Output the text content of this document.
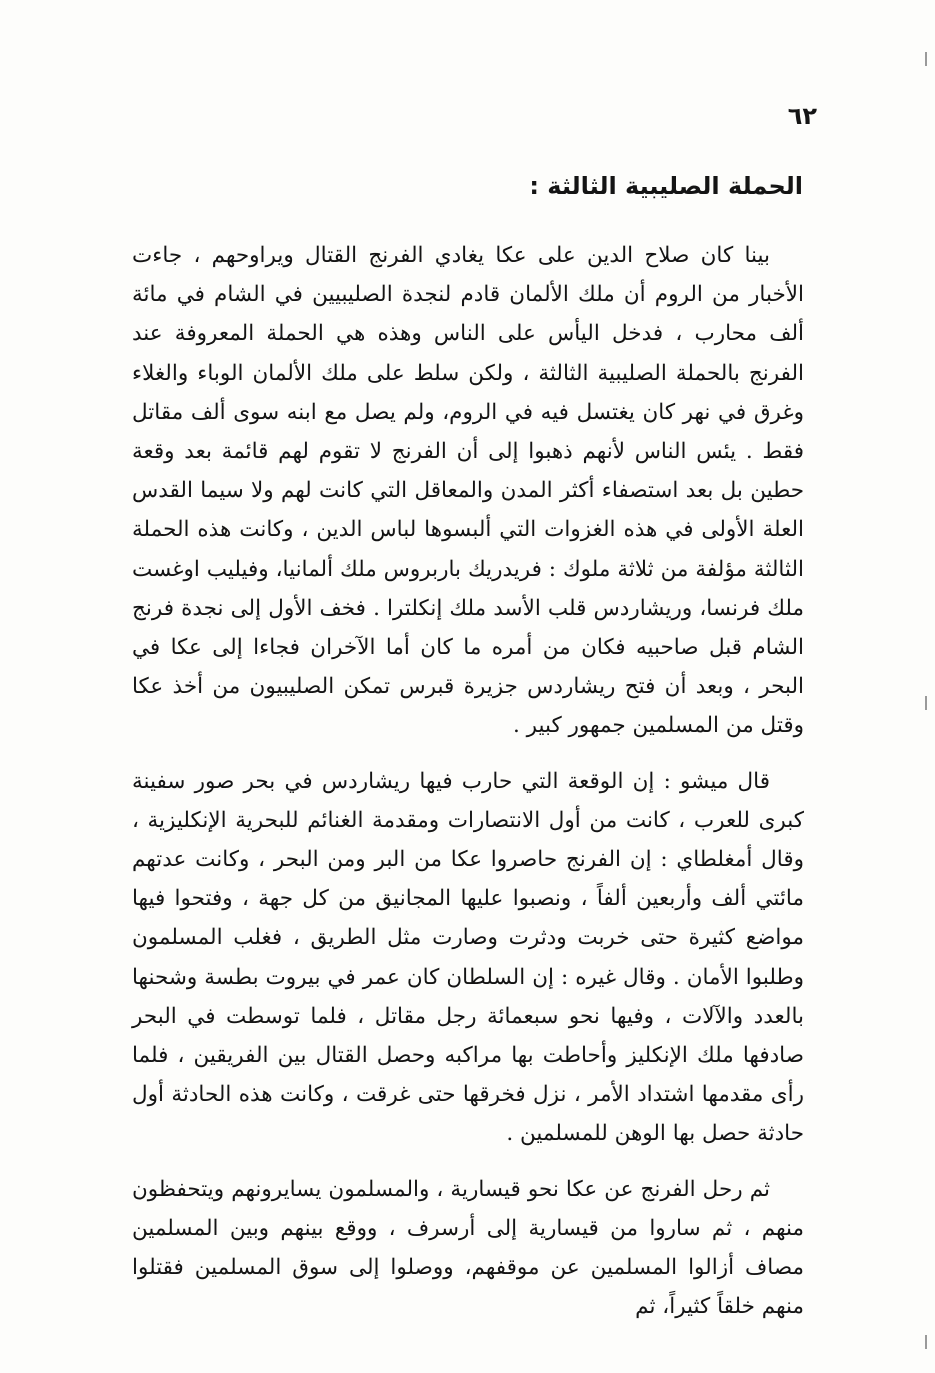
٦٢
الحملة الصليبية الثالثة :

بينا كان صلاح الدين على عكا يغادي الفرنج القتال ويراوحهم ، جاءت الأخبار من الروم أن ملك الألمان قادم لنجدة الصليبيين في الشام في مائة ألف محارب ، فدخل اليأس على الناس وهذه هي الحملة المعروفة عند الفرنج بالحملة الصليبية الثالثة ، ولكن سلط على ملك الألمان الوباء والغلاء وغرق في نهر كان يغتسل فيه في الروم، ولم يصل مع ابنه سوى ألف مقاتل فقط . يئس الناس لأنهم ذهبوا إلى أن الفرنج لا تقوم لهم قائمة بعد وقعة حطين بل بعد استصفاء أكثر المدن والمعاقل التي كانت لهم ولا سيما القدس العلة الأولى في هذه الغزوات التي ألبسوها لباس الدين ، وكانت هذه الحملة الثالثة مؤلفة من ثلاثة ملوك : فريدريك باربروس ملك ألمانيا، وفيليب اوغست ملك فرنسا، وريشاردس قلب الأسد ملك إنكلترا . فخف الأول إلى نجدة فرنج الشام قبل صاحبيه فكان من أمره ما كان أما الآخران فجاءا إلى عكا في البحر ، وبعد أن فتح ريشاردس جزيرة قبرس تمكن الصليبيون من أخذ عكا وقتل من المسلمين جمهور كبير .

قال ميشو : إن الوقعة التي حارب فيها ريشاردس في بحر صور سفينة كبرى للعرب ، كانت من أول الانتصارات ومقدمة الغنائم للبحرية الإنكليزية ، وقال أمغلطاي : إن الفرنج حاصروا عكا من البر ومن البحر ، وكانت عدتهم مائتي ألف وأربعين ألفاً ، ونصبوا عليها المجانيق من كل جهة ، وفتحوا فيها مواضع كثيرة حتى خربت ودثرت وصارت مثل الطريق ، فغلب المسلمون وطلبوا الأمان . وقال غيره : إن السلطان كان عمر في بيروت بطسة وشحنها بالعدد والآلات ، وفيها نحو سبعمائة رجل مقاتل ، فلما توسطت في البحر صادفها ملك الإنكليز وأحاطت بها مراكبه وحصل القتال بين الفريقين ، فلما رأى مقدمها اشتداد الأمر ، نزل فخرقها حتى غرقت ، وكانت هذه الحادثة أول حادثة حصل بها الوهن للمسلمين .

ثم رحل الفرنج عن عكا نحو قيسارية ، والمسلمون يسايرونهم ويتحفظون منهم ، ثم ساروا من قيسارية إلى أرسرف ، ووقع بينهم وبين المسلمين مصاف أزالوا المسلمين عن موقفهم، ووصلوا إلى سوق المسلمين فقتلوا منهم خلقاً كثيراً، ثم
